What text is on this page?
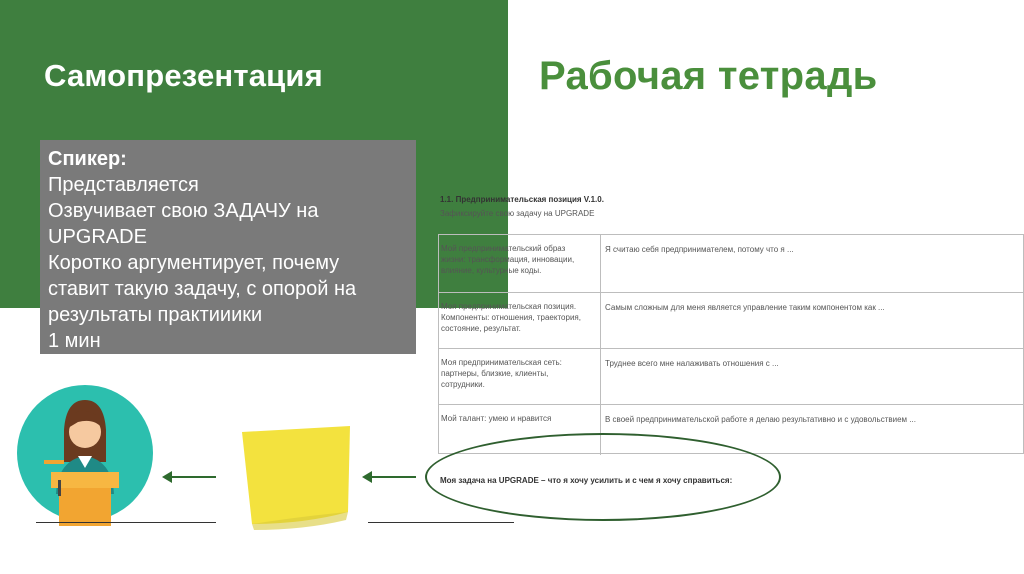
Самопрезентация	Рабочая тетрадь
Спикер:
Представляется
Озвучивает свою ЗАДАЧУ на
UPGRADE
Коротко аргументирует, почему
ставит такую задачу, с опорой на
результаты практииики
1 мин
1.1. Предпринимательская позиция V.1.0.
Зафиксируйте свою задачу на UPGRADE
Мой предпринимательский образ
жизни: трансформация, инновации,
влияние, культурные коды.
Я считаю себя предпринимателем, потому что я ...
Моя предпринимательская позиция.
Компоненты: отношения, траектория,
состояние, результат.
Самым сложным для меня является управление таким компонентом как ...
Моя предпринимательская сеть:
партнеры, близкие, клиенты,
сотрудники.
Труднее всего мне налаживать отношения с ...
Мой талант: умею и нравится	В своей предпринимательской работе я делаю результативно и с удовольствием ...
Моя задача на UPGRADE – что я хочу усилить и с чем я хочу справиться:
